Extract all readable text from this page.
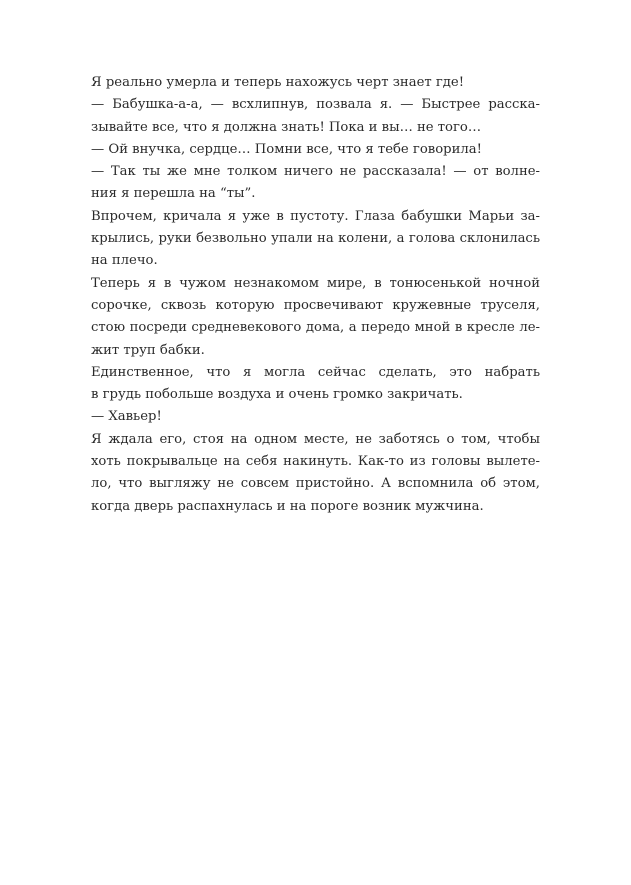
Я реально умерла и теперь нахожусь черт знает где!
— Бабушка-а-а, — всхлипнув, позвала я. — Быстрее расска-
зывайте все, что я должна знать! Пока и вы… не того…
— Ой внучка, сердце… Помни все, что я тебе говорила!
— Так ты же мне толком ничего не рассказала! — от волне-
ния я перешла на “ты”.
Впрочем, кричала я уже в пустоту. Глаза бабушки Марьи за-
крылись, руки безвольно упали на колени, а голова склонилась
на плечо.
Теперь я в чужом незнакомом мире, в тонюсенькой ночной
сорочке, сквозь которую просвечивают кружевные труселя,
стою посреди средневекового дома, а передо мной в кресле ле-
жит труп бабки.
Единственное, что я могла сейчас сделать, это набрать
в грудь побольше воздуха и очень громко закричать.
— Хавьер!
Я ждала его, стоя на одном месте, не заботясь о том, чтобы
хоть покрывальце на себя накинуть. Как-то из головы вылете-
ло, что выгляжу не совсем пристойно. А вспомнила об этом,
когда дверь распахнулась и на пороге возник мужчина.
